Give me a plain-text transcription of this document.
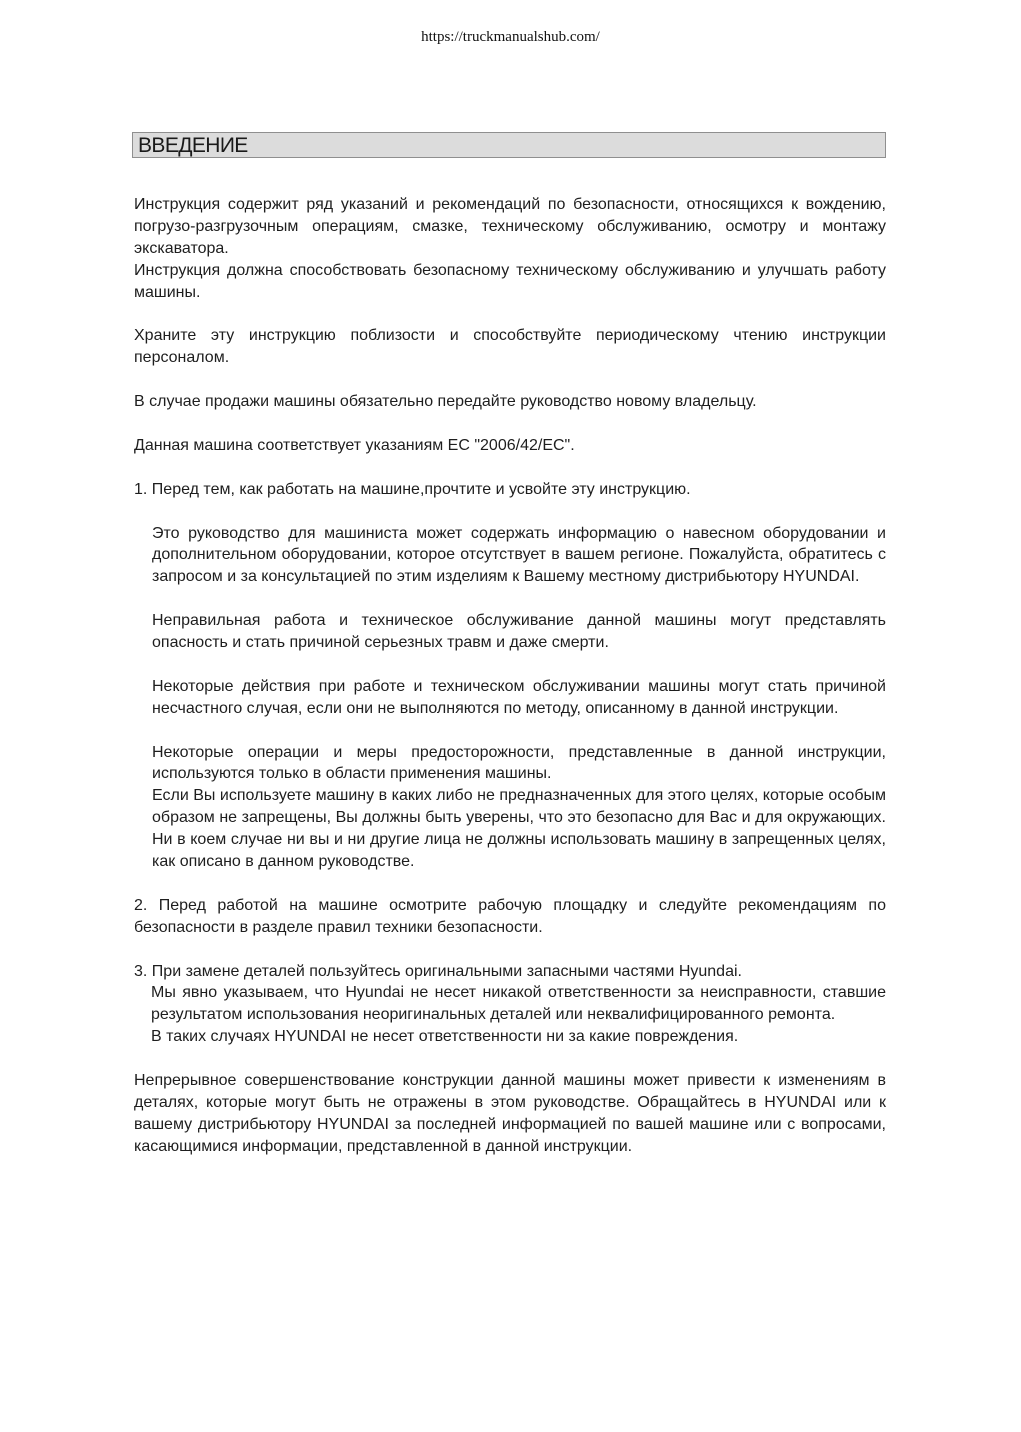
https://truckmanualshub.com/
ВВЕДЕНИЕ

Инструкция содержит ряд указаний и рекомендаций по безопасности, относящихся к вождению, погрузо-разгрузочным операциям, смазке, техническому обслуживанию, осмотру и монтажу экскаватора.

Инструкция должна способствовать безопасному техническому обслуживанию и улучшать работу машины.

Храните эту инструкцию поблизости и способствуйте периодическому чтению инструкции персоналом.

В случае продажи машины обязательно передайте руководство новому владельцу.

Данная машина соответствует указаниям ЕС "2006/42/ЕС".

1. Перед тем, как работать на машине,прочтите и усвойте эту инструкцию.

Это руководство для машиниста может содержать информацию о навесном оборудовании и дополнительном оборудовании, которое отсутствует в вашем регионе. Пожалуйста, обратитесь с запросом и за консультацией по этим изделиям к Вашему местному дистрибьютору HYUNDAI.

Неправильная работа и техническое обслуживание данной машины могут представлять опасность и стать причиной серьезных травм и даже смерти.

Некоторые действия при работе и техническом обслуживании машины могут стать причиной несчастного случая, если они не выполняются по методу, описанному в данной инструкции.

Некоторые операции и меры предосторожности, представленные в данной инструкции, используются только в области применения машины.

Если Вы используете машину в каких либо не предназначенных для этого целях, которые особым образом не запрещены, Вы должны быть уверены, что это безопасно для Вас и для окружающих. Ни в коем случае ни вы и ни другие лица не должны использовать машину в запрещенных целях, как описано в данном руководстве.

2. Перед работой на машине осмотрите рабочую площадку и следуйте рекомендациям по безопасности в разделе правил техники безопасности.

3. При замене деталей пользуйтесь оригинальными запасными частями Hyundai.

Мы явно указываем, что Hyundai не несет никакой ответственности за неисправности, ставшие результатом использования неоригинальных деталей или неквалифицированного ремонта.

В таких случаях HYUNDAI не несет ответственности ни за какие повреждения.

Непрерывное совершенствование конструкции данной машины может привести к изменениям в деталях, которые могут быть не отражены в этом руководстве. Обращайтесь в HYUNDAI или к вашему дистрибьютору HYUNDAI за последней информацией по вашей машине или с вопросами, касающимися информации, представленной в данной инструкции.
